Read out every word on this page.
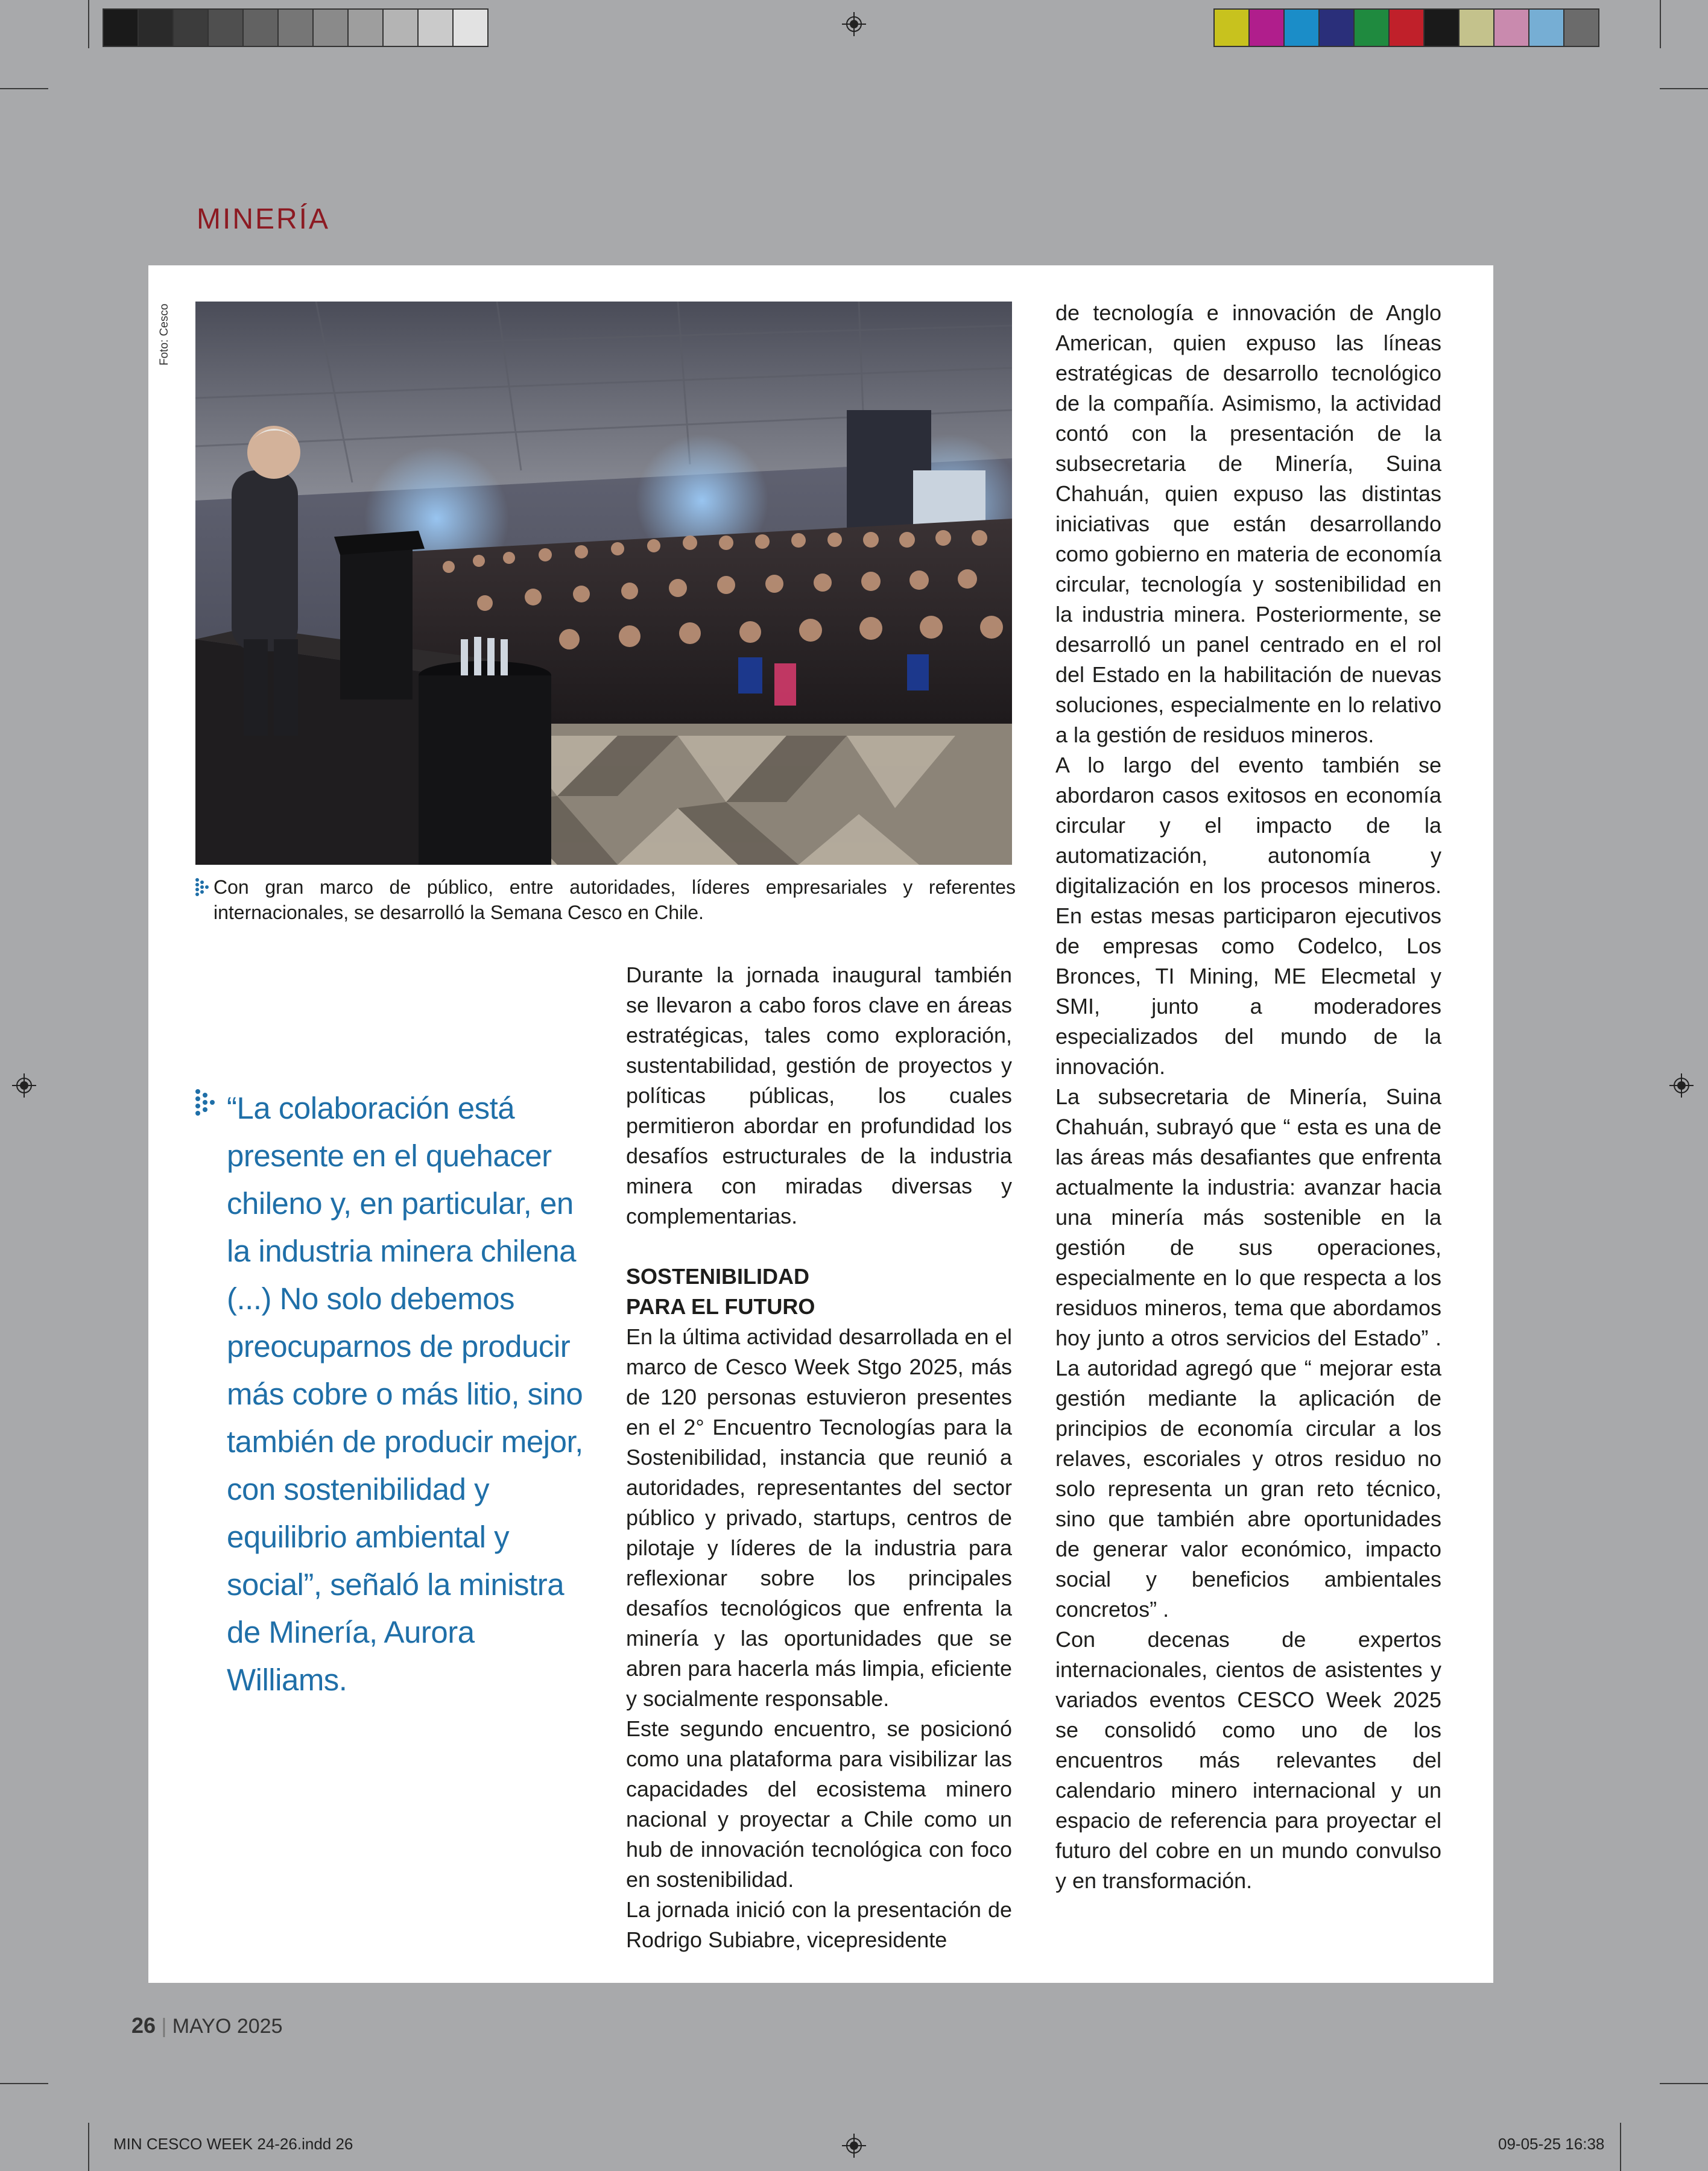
MINERÍA
Foto: Cesco
Con gran marco de público, entre autoridades, líderes empresariales y referentes internacionales, se desarrolló la Semana Cesco en Chile.
“La colaboración está presente en el quehacer chileno y, en particular, en la industria minera chilena (...) No solo debemos preocuparnos de producir más cobre o más litio, sino también de producir mejor, con sostenibilidad y equilibrio ambiental y social”, señaló la ministra de Minería, Aurora Williams.

Durante la jornada inaugural también se llevaron a cabo foros clave en áreas estratégicas, tales como exploración, sustentabilidad, gestión de proyectos y políticas públicas, los cuales permitieron abordar en profundidad los desafíos estructurales de la industria minera con miradas diversas y complementarias.

SOSTENIBILIDAD
PARA EL FUTURO

En la última actividad desarrollada en el marco de Cesco Week Stgo 2025, más de 120 personas estuvieron presentes en el 2° Encuentro Tecnologías para la Sostenibilidad, instancia que reunió a autoridades, representantes del sector público y privado, startups, centros de pilotaje y líderes de la industria para reflexionar sobre los principales desafíos tecnológicos que enfrenta la minería y las oportunidades que se abren para hacerla más limpia, eficiente y socialmente responsable.

Este segundo encuentro, se posicionó como una plataforma para visibilizar las capacidades del ecosistema minero nacional y proyectar a Chile como un hub de innovación tecnológica con foco en sostenibilidad.

La jornada inició con la presentación de Rodrigo Subiabre, vicepresidente

de tecnología e innovación de Anglo American, quien expuso las líneas estratégicas de desarrollo tecnológico de la compañía. Asimismo, la actividad contó con la presentación de la subsecretaria de Minería, Suina Chahuán, quien expuso las distintas iniciativas que están desarrollando como gobierno en materia de economía circular, tecnología y sostenibilidad en la industria minera. Posteriormente, se desarrolló un panel centrado en el rol del Estado en la habilitación de nuevas soluciones, especialmente en lo relativo a la gestión de residuos mineros.

A lo largo del evento también se abordaron casos exitosos en economía circular y el impacto de la automatización, autonomía y digitalización en los procesos mineros. En estas mesas participaron ejecutivos de empresas como Codelco, Los Bronces, TI Mining, ME Elecmetal y SMI, junto a moderadores especializados del mundo de la innovación.

La subsecretaria de Minería, Suina Chahuán, subrayó que “ esta es una de las áreas más desafiantes que enfrenta actualmente la industria: avanzar hacia una minería más sostenible en la gestión de sus operaciones, especialmente en lo que respecta a los residuos mineros, tema que abordamos hoy junto a otros servicios del Estado” . La autoridad agregó que “ mejorar esta gestión mediante la aplicación de principios de economía circular a los relaves, escoriales y otros residuo no solo representa un gran reto técnico, sino que también abre oportunidades de generar valor económico, impacto social y beneficios ambientales concretos” .

Con decenas de expertos internacionales, cientos de asistentes y variados eventos CESCO Week 2025 se consolidó como uno de los encuentros más relevantes del calendario minero internacional y un espacio de referencia para proyectar el futuro del cobre en un mundo convulso y en transformación.

26 | MAYO 2025
MIN CESCO WEEK 24-26.indd 26	09-05-25 16:38
